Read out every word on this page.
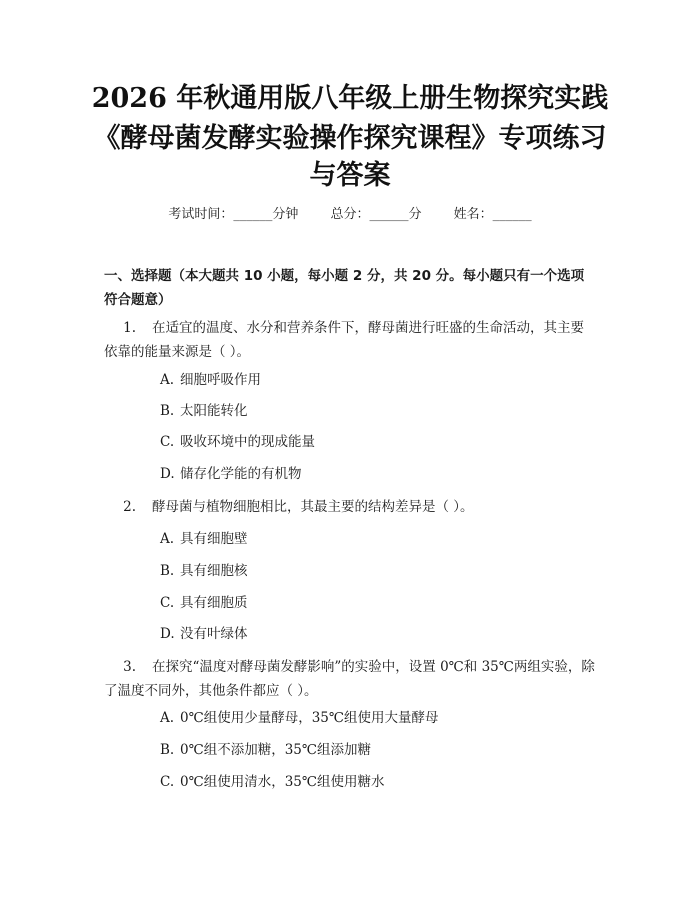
2026 年秋通用版八年级上册生物探究实践
《酵母菌发酵实验操作探究课程》专项练习
与答案
考试时间：______分钟 总分：______分 姓名：______
一、选择题（本大题共 10 小题，每小题 2 分，共 20 分。每小题只有一个选项符合题意）
1. 在适宜的温度、水分和营养条件下，酵母菌进行旺盛的生命活动，其主要依靠的能量来源是（ ）。
A. 细胞呼吸作用
B. 太阳能转化
C. 吸收环境中的现成能量
D. 储存化学能的有机物
2. 酵母菌与植物细胞相比，其最主要的结构差异是（ ）。
A. 具有细胞壁
B. 具有细胞核
C. 具有细胞质
D. 没有叶绿体
3. 在探究“温度对酵母菌发酵影响”的实验中，设置 0℃和 35℃两组实验，除了温度不同外，其他条件都应（ ）。
A. 0℃组使用少量酵母，35℃组使用大量酵母
B. 0℃组不添加糖，35℃组添加糖
C. 0℃组使用清水，35℃组使用糖水
